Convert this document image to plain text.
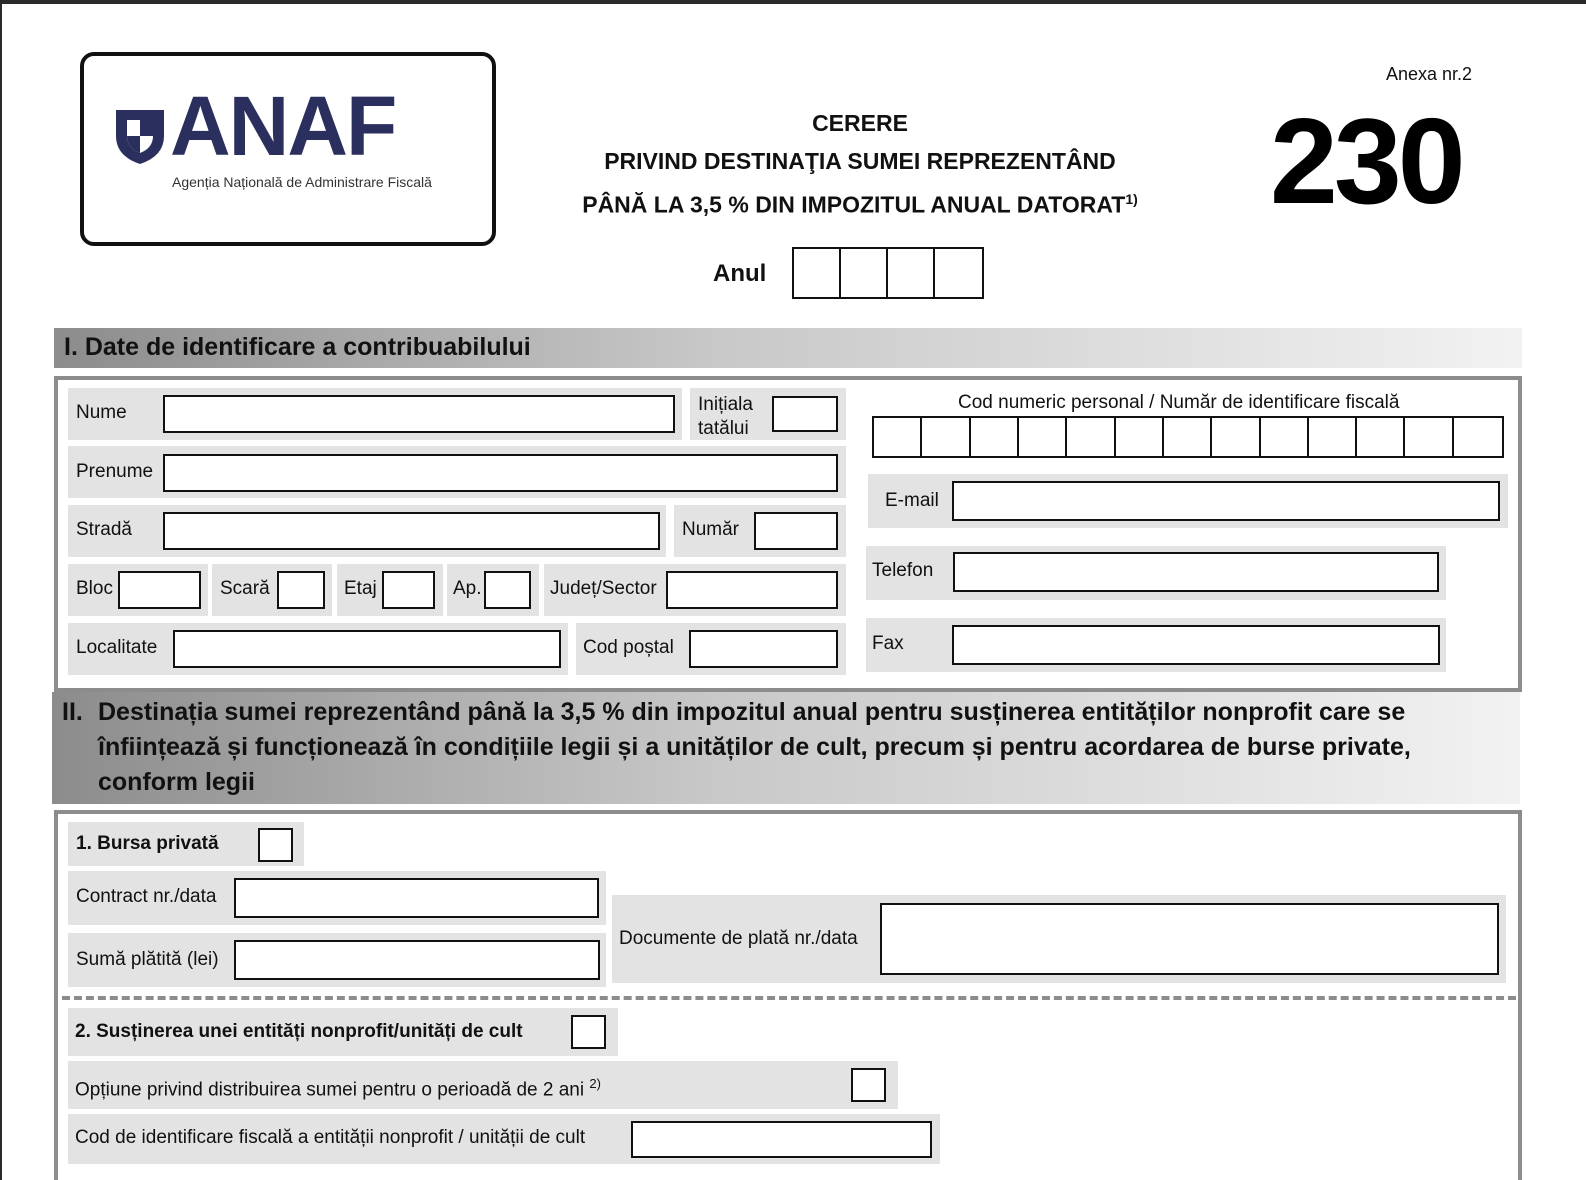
ANAF
Agenția Națională de Administrare Fiscală
Anexa nr.2
230
CERERE
PRIVIND DESTINAŢIA SUMEI REPREZENTÂND
PÂNĂ LA 3,5 % DIN IMPOZITUL ANUAL DATORAT$^{1)}$
Anul
I. Date de identificare a contribuabilului
Nume	Inițiala
tatălui
Cod numeric personal / Număr de identificare fiscală
Prenume
E-mail
Stradă	Număr
Telefon
Bloc	Scară	Etaj	Ap.	Județ/Sector
Fax
Localitate	Cod poștal
II. Destinația sumei reprezentând până la 3,5 % din impozitul anual pentru susținerea entităților nonprofit care se înființează și funcționează în condițiile legii și a unităților de cult, precum și pentru acordarea de burse private, conform legii
1. Bursa privată
Contract nr./data
Sumă plătită (lei)
Documente de plată nr./data
2. Susținerea unei entități nonprofit/unități de cult
Opțiune privind distribuirea sumei pentru o perioadă de 2 ani $^{2)}$
Cod de identificare fiscală a entității nonprofit / unității de cult
